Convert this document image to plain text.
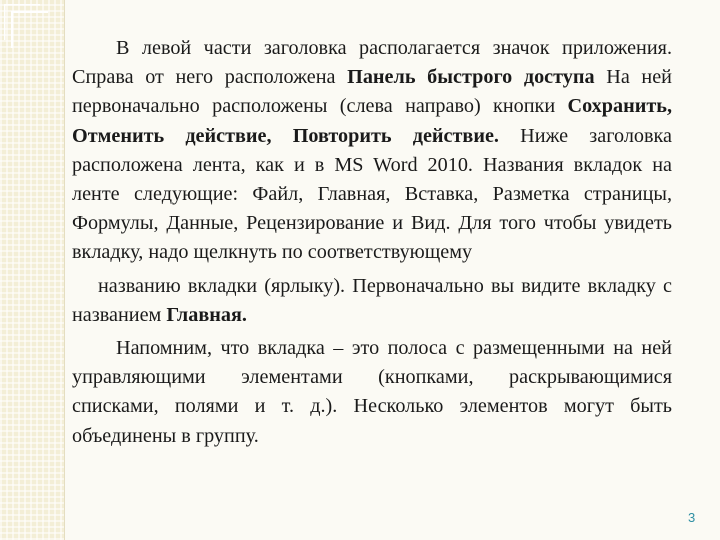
В левой части заголовка располагается значок приложения. Справа от него расположена Панель быстрого доступа На ней первоначально расположены (слева направо) кнопки Сохранить, Отменить действие, Повторить действие. Ниже заголовка расположена лента, как и в MS Word 2010. Названия вкладок на ленте следующие: Файл, Главная, Вставка, Разметка страницы, Формулы, Данные, Рецензирование и Вид. Для того чтобы увидеть вкладку, надо щелкнуть по соответствующему

названию вкладки (ярлыку). Первоначально вы видите вкладку с названием Главная.

Напомним, что вкладка – это полоса с размещенными на ней управляющими элементами (кнопками, раскрывающимися списками, полями и т. д.). Несколько элементов могут быть объединены в группу.

3
